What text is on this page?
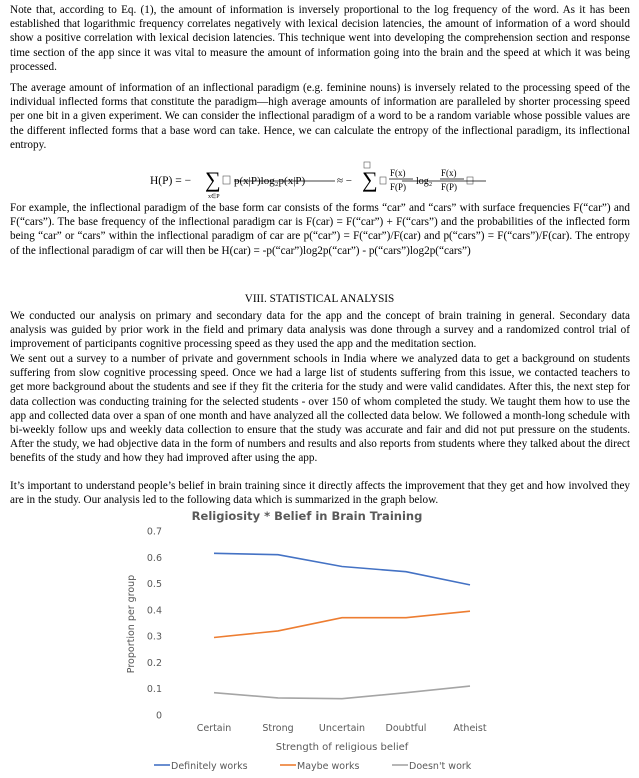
Note that, according to Eq. (1), the amount of information is inversely proportional to the log frequency of the word. As it has been established that logarithmic frequency correlates negatively with lexical decision latencies, the amount of information of a word should show a positive correlation with lexical decision latencies. This technique went into developing the comprehension section and response time section of the app since it was vital to measure the amount of information going into the brain and the speed at which it was being processed.

The average amount of information of an inflectional paradigm (e.g. feminine nouns) is inversely related to the processing speed of the individual inflected forms that constitute the paradigm—high average amounts of information are paralleled by shorter processing speed per one bit in a given experiment. We can consider the inflectional paradigm of a word to be a random variable whose possible values are the different inflected forms that a base word can take. Hence, we can calculate the entropy of the inflectional paradigm, its inflectional entropy.

H(P) = − ∑
x∈P
p(x|P)log₂p(x|P)	≈ − ∑ F(x)
F(P) log₂
F(x)
F(P)

For example, the inflectional paradigm of the base form car consists of the forms “car” and “cars” with surface frequencies F(“car”) and F(“cars”). The base frequency of the inflectional paradigm car is F(car) = F(“car”) + F(“cars”) and the probabilities of the inflected form being “car” or “cars” within the inflectional paradigm of car are p(“car”) = F(“car”)/F(car) and p(“cars”) = F(“cars”)/F(car). The entropy of the inflectional paradigm of car will then be H(car) = -p(“car”)log2p(“car”) - p(“cars”)log2p(“cars”)

VIII. STATISTICAL ANALYSIS

We conducted our analysis on primary and secondary data for the app and the concept of brain training in general. Secondary data analysis was guided by prior work in the field and primary data analysis was done through a survey and a randomized control trial of improvement of participants cognitive processing speed as they used the app and the meditation section.

We sent out a survey to a number of private and government schools in India where we analyzed data to get a background on students suffering from slow cognitive processing speed. Once we had a large list of students suffering from this issue, we contacted teachers to get more background about the students and see if they fit the criteria for the study and were valid candidates. After this, the next step for data collection was conducting training for the selected students - over 150 of whom completed the study. We taught them how to use the app and collected data over a span of one month and have analyzed all the collected data below. We followed a month-long schedule with bi-weekly follow ups and weekly data collection to ensure that the study was accurate and fair and did not put pressure on the students. After the study, we had objective data in the form of numbers and results and also reports from students where they talked about the direct benefits of the study and how they had improved after using the app.

It’s important to understand people’s belief in brain training since it directly affects the improvement that they get and how involved they are in the study. Our analysis led to the following data which is summarized in the graph below.

Religiosity * Belief in Brain Training
Proportion per group
Strength of religious belief
0
0.1
0.2
0.3
0.4
0.5
0.6
0.7
Certain	Strong	Uncertain Doubtful	Atheist
Definitely works	Maybe works	Doesn't work
